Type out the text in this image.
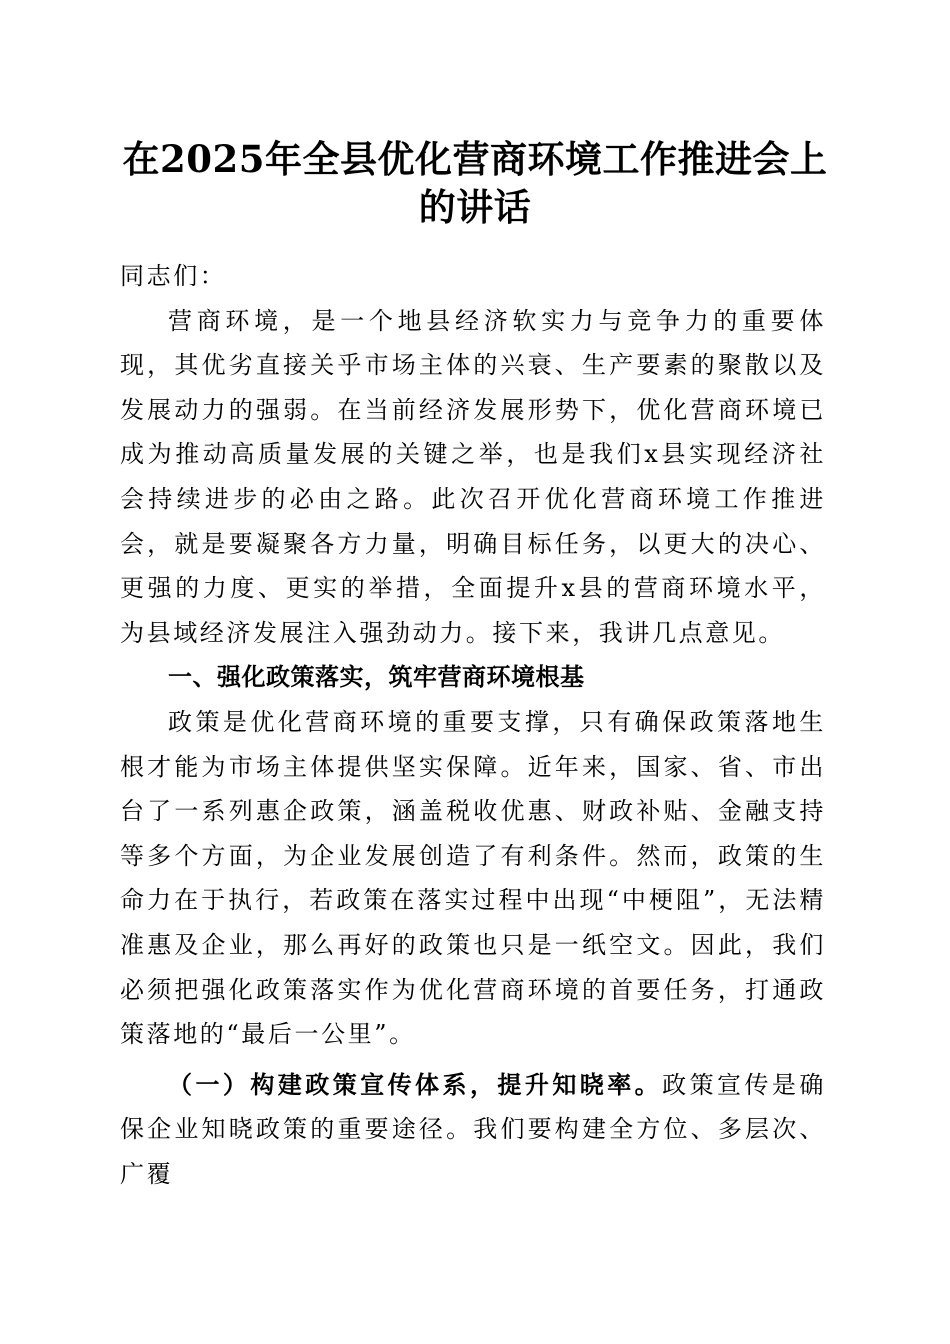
在2025年全县优化营商环境工作推进会上的讲话

同志们：

营商环境，是一个地县经济软实力与竞争力的重要体现，其优劣直接关乎市场主体的兴衰、生产要素的聚散以及发展动力的强弱。在当前经济发展形势下，优化营商环境已成为推动高质量发展的关键之举，也是我们x县实现经济社会持续进步的必由之路。此次召开优化营商环境工作推进会，就是要凝聚各方力量，明确目标任务，以更大的决心、更强的力度、更实的举措，全面提升x县的营商环境水平，为县域经济发展注入强劲动力。接下来，我讲几点意见。

一、强化政策落实，筑牢营商环境根基

政策是优化营商环境的重要支撑，只有确保政策落地生根才能为市场主体提供坚实保障。近年来，国家、省、市出台了一系列惠企政策，涵盖税收优惠、财政补贴、金融支持等多个方面，为企业发展创造了有利条件。然而，政策的生命力在于执行，若政策在落实过程中出现“中梗阻”，无法精准惠及企业，那么再好的政策也只是一纸空文。因此，我们必须把强化政策落实作为优化营商环境的首要任务，打通政策落地的“最后一公里”。

（一）构建政策宣传体系，提升知晓率。政策宣传是确保企业知晓政策的重要途径。我们要构建全方位、多层次、广覆
